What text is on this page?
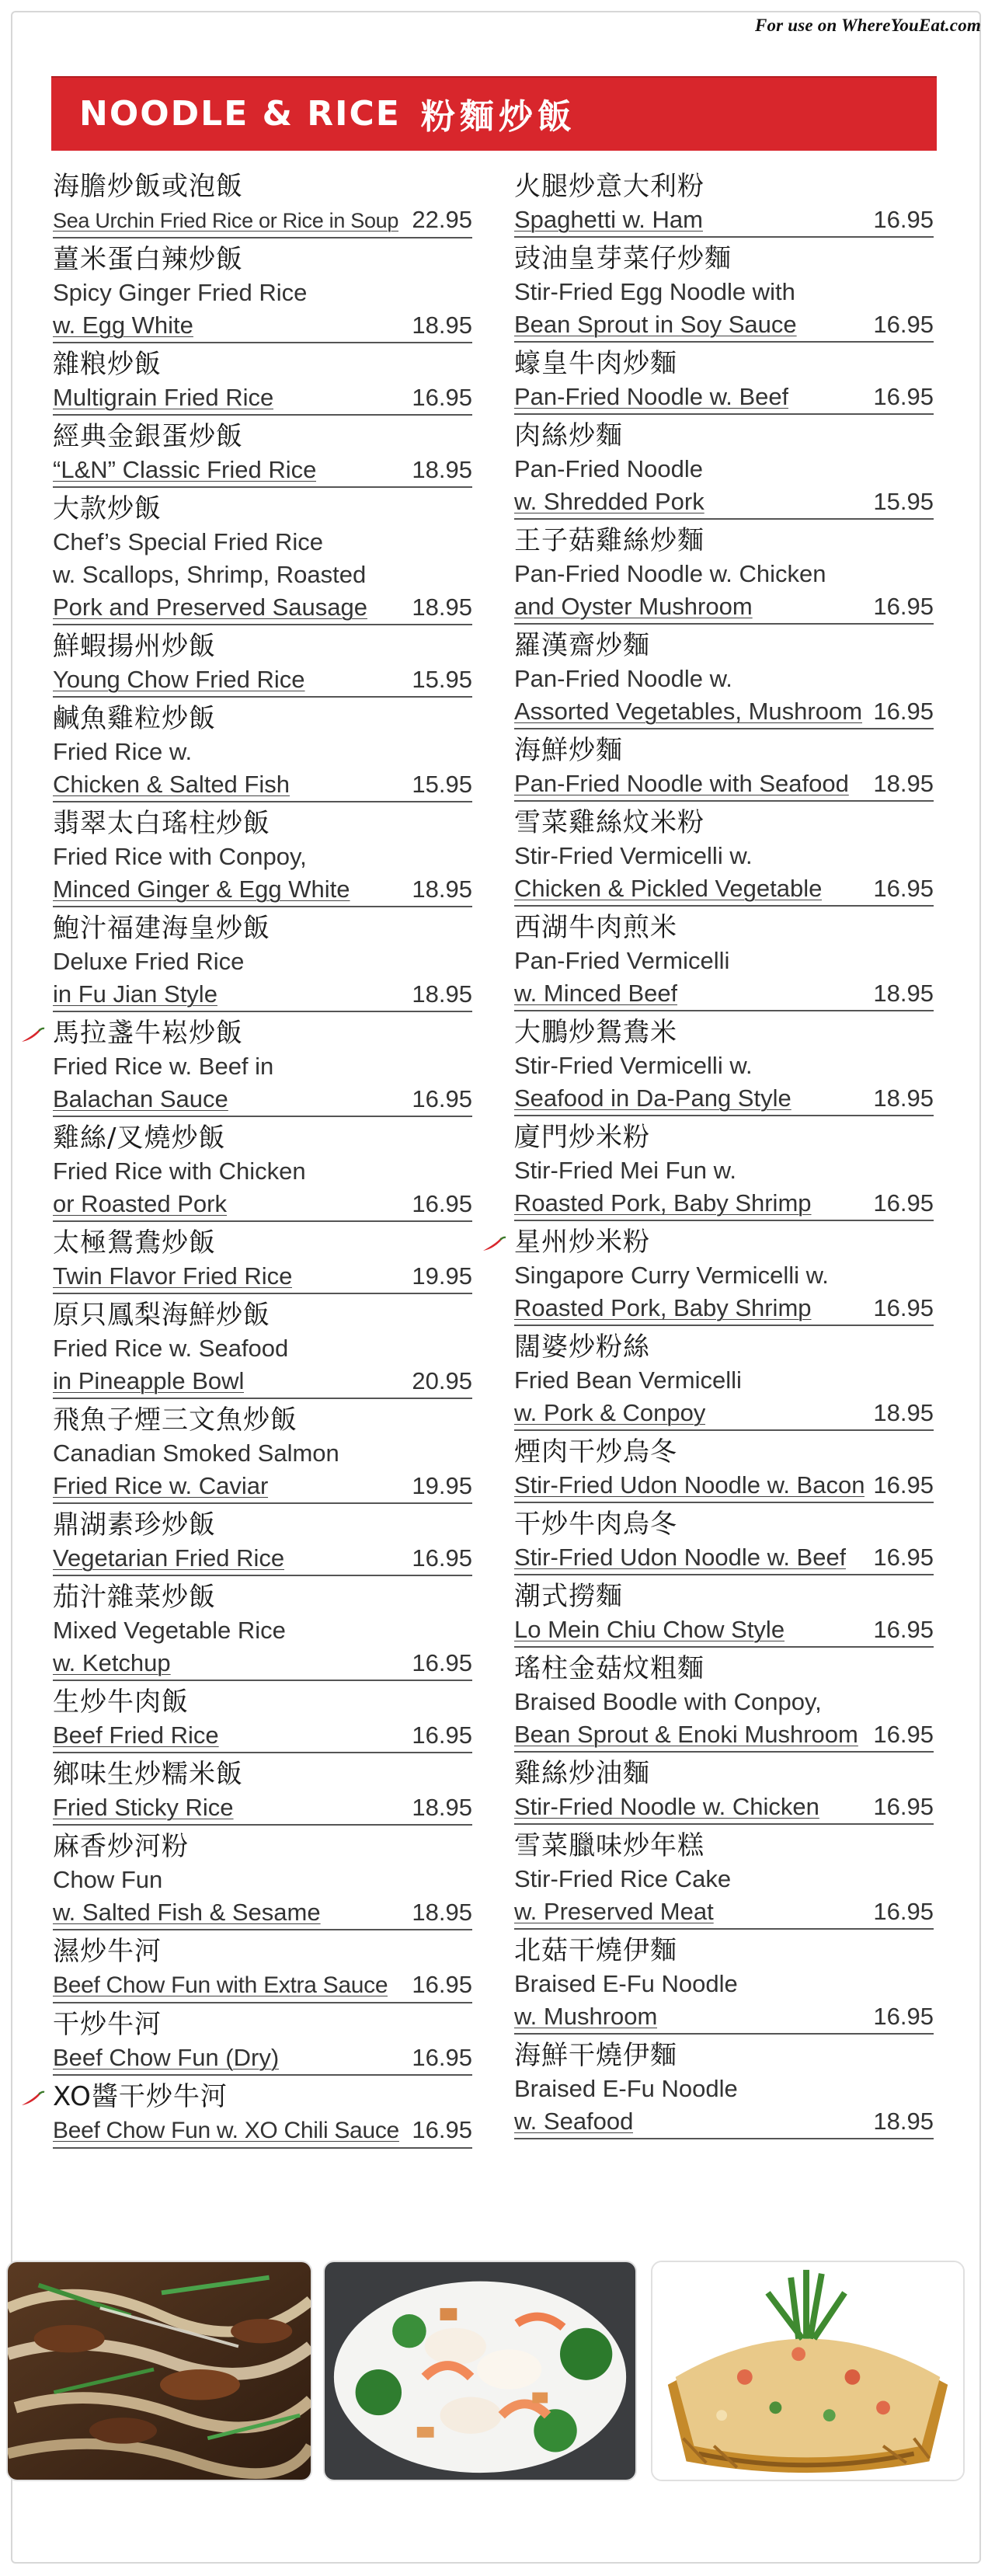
For use on WhereYouEat.com
NOODLE & RICE 粉麵炒飯
海膽炒飯或泡飯
Sea Urchin Fried Rice or Rice in Soup 22.95
薑米蛋白辣炒飯
Spicy Ginger Fried Rice
w. Egg White	18.95
雜粮炒飯
Multigrain Fried Rice	16.95
經典金銀蛋炒飯
“L&N” Classic Fried Rice	18.95
大款炒飯
Chef’s Special Fried Rice
w. Scallops, Shrimp, Roasted
Pork and Preserved Sausage 18.95
鮮蝦揚州炒飯
Young Chow Fried Rice	15.95
鹹魚雞粒炒飯
Fried Rice w.
Chicken & Salted Fish	15.95
翡翠太白瑤柱炒飯
Fried Rice with Conpoy,
Minced Ginger & Egg White	18.95
鮑汁福建海皇炒飯
Deluxe Fried Rice
in Fu Jian Style	18.95
馬拉盞牛崧炒飯
Fried Rice w. Beef in
Balachan Sauce	16.95
雞絲/叉燒炒飯
Fried Rice with Chicken
or Roasted Pork	16.95
太極鴛鴦炒飯
Twin Flavor Fried Rice	19.95
原只鳳梨海鮮炒飯
Fried Rice w. Seafood
in Pineapple Bowl	20.95
飛魚子煙三文魚炒飯
Canadian Smoked Salmon
Fried Rice w. Caviar	19.95
鼎湖素珍炒飯
Vegetarian Fried Rice	16.95
茄汁雜菜炒飯
Mixed Vegetable Rice
w. Ketchup	16.95
生炒牛肉飯
Beef Fried Rice	16.95
鄉味生炒糯米飯
Fried Sticky Rice	18.95
麻香炒河粉
Chow Fun
w. Salted Fish & Sesame	18.95
濕炒牛河
Beef Chow Fun with Extra Sauce 16.95
干炒牛河
Beef Chow Fun (Dry)	16.95
XO醬干炒牛河
Beef Chow Fun w. XO Chili Sauce 16.95
火腿炒意大利粉
Spaghetti w. Ham	16.95
豉油皇芽菜仔炒麵
Stir-Fried Egg Noodle with
Bean Sprout in Soy Sauce	16.95
蠔皇牛肉炒麵
Pan-Fried Noodle w. Beef	16.95
肉絲炒麵
Pan-Fried Noodle
w. Shredded Pork	15.95
王子菇雞絲炒麵
Pan-Fried Noodle w. Chicken
and Oyster Mushroom	16.95
羅漢齋炒麵
Pan-Fried Noodle w.
Assorted Vegetables, Mushroom 16.95
海鮮炒麵
Pan-Fried Noodle with Seafood 18.95
雪菜雞絲炆米粉
Stir-Fried Vermicelli w.
Chicken & Pickled Vegetable 16.95
西湖牛肉煎米
Pan-Fried Vermicelli
w. Minced Beef	18.95
大鵬炒鴛鴦米
Stir-Fried Vermicelli w.
Seafood in Da-Pang Style	18.95
廈門炒米粉
Stir-Fried Mei Fun w.
Roasted Pork, Baby Shrimp	16.95
星州炒米粉
Singapore Curry Vermicelli w.
Roasted Pork, Baby Shrimp	16.95
闊婆炒粉絲
Fried Bean Vermicelli
w. Pork & Conpoy	18.95
煙肉干炒烏冬
Stir-Fried Udon Noodle w. Bacon 16.95
干炒牛肉烏冬
Stir-Fried Udon Noodle w. Beef 16.95
潮式撈麵
Lo Mein Chiu Chow Style	16.95
瑤柱金菇炆粗麵
Braised Boodle with Conpoy,
Bean Sprout & Enoki Mushroom 16.95
雞絲炒油麵
Stir-Fried Noodle w. Chicken 16.95
雪菜臘味炒年糕
Stir-Fried Rice Cake
w. Preserved Meat	16.95
北菇干燒伊麵
Braised E-Fu Noodle
w. Mushroom	16.95
海鮮干燒伊麵
Braised E-Fu Noodle
w. Seafood	18.95
